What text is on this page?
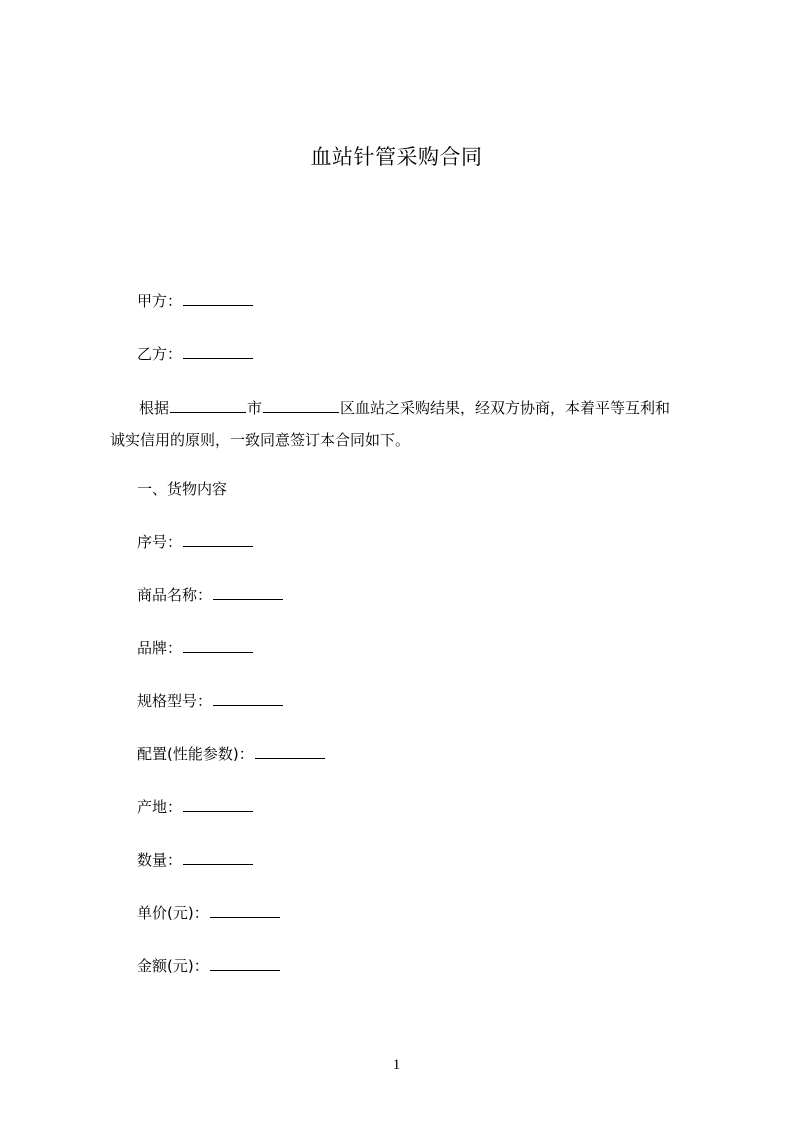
血站针管采购合同
甲方：
乙方：
根据	市	区血站之采购结果，经双方协商，本着平等互利和
诚实信用的原则，一致同意签订本合同如下。
一、货物内容
序号：
商品名称：
品牌：
规格型号：
配置(性能参数)：
产地：
数量：
单价(元)：
金额(元)：
1
